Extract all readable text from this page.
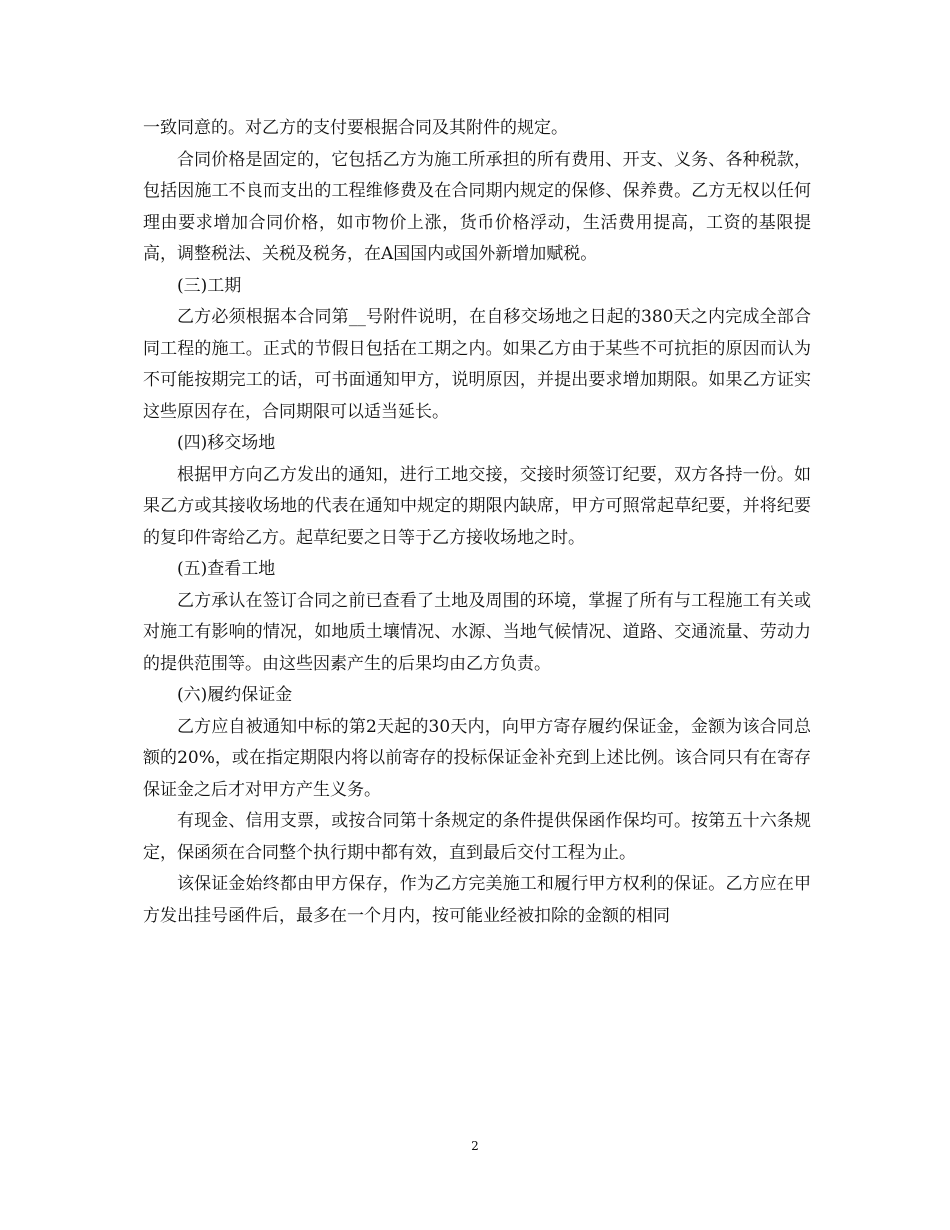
一致同意的。对乙方的支付要根据合同及其附件的规定。

合同价格是固定的，它包括乙方为施工所承担的所有费用、开支、义务、各种税款，包括因施工不良而支出的工程维修费及在合同期内规定的保修、保养费。乙方无权以任何理由要求增加合同价格，如市物价上涨，货币价格浮动，生活费用提高，工资的基限提高，调整税法、关税及税务，在A国国内或国外新增加赋税。

(三)工期

乙方必须根据本合同第__号附件说明，在自移交场地之日起的380天之内完成全部合同工程的施工。正式的节假日包括在工期之内。如果乙方由于某些不可抗拒的原因而认为不可能按期完工的话，可书面通知甲方，说明原因，并提出要求增加期限。如果乙方证实这些原因存在，合同期限可以适当延长。

(四)移交场地

根据甲方向乙方发出的通知，进行工地交接，交接时须签订纪要，双方各持一份。如果乙方或其接收场地的代表在通知中规定的期限内缺席，甲方可照常起草纪要，并将纪要的复印件寄给乙方。起草纪要之日等于乙方接收场地之时。

(五)查看工地

乙方承认在签订合同之前已查看了土地及周围的环境，掌握了所有与工程施工有关或对施工有影响的情况，如地质土壤情况、水源、当地气候情况、道路、交通流量、劳动力的提供范围等。由这些因素产生的后果均由乙方负责。

(六)履约保证金

乙方应自被通知中标的第2天起的30天内，向甲方寄存履约保证金，金额为该合同总额的20%，或在指定期限内将以前寄存的投标保证金补充到上述比例。该合同只有在寄存保证金之后才对甲方产生义务。

有现金、信用支票，或按合同第十条规定的条件提供保函作保均可。按第五十六条规定，保函须在合同整个执行期中都有效，直到最后交付工程为止。

该保证金始终都由甲方保存，作为乙方完美施工和履行甲方权利的保证。乙方应在甲方发出挂号函件后，最多在一个月内，按可能业经被扣除的金额的相同

2
